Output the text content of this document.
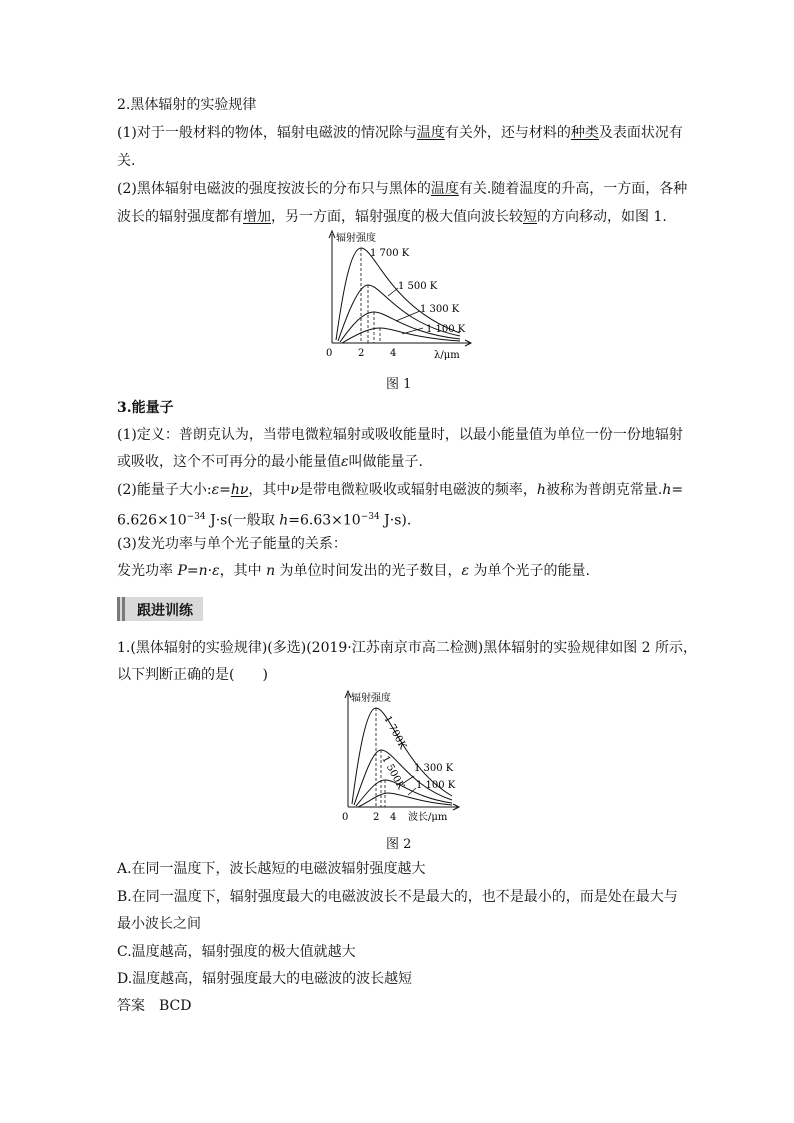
2.黑体辐射的实验规律
(1)对于一般材料的物体，辐射电磁波的情况除与温度有关外，还与材料的种类及表面状况有
关.
(2)黑体辐射电磁波的强度按波长的分布只与黑体的温度有关.随着温度的升高，一方面，各种
波长的辐射强度都有增加，另一方面，辐射强度的极大值向波长较短的方向移动，如图 1.
辐射强度
1 700 K
1 500 K
1 300 K
1 100 K
0	2	4	λ/μm
图 1
3.能量子
(1)定义：普朗克认为，当带电微粒辐射或吸收能量时，以最小能量值为单位一份一份地辐射
或吸收，这个不可再分的最小能量值ε叫做能量子.
(2)能量子大小:ε=hν，其中ν是带电微粒吸收或辐射电磁波的频率，h被称为普朗克常量.h=
$6.626\times 10^{-34}$ J·s(一般取 $h=6.63\times 10^{-34}$ J·s).
(3)发光功率与单个光子能量的关系：
发光功率 P=n·ε，其中 n 为单位时间发出的光子数目，ε 为单个光子的能量.
跟进训练
1.(黑体辐射的实验规律)(多选)(2019·江苏南京市高二检测)黑体辐射的实验规律如图 2 所示，
以下判断正确的是(　　)
辐射强度
1 700K
1 500K 1 300 K
1 100 K
0 2 4 波长/μm
图 2
A.在同一温度下，波长越短的电磁波辐射强度越大
B.在同一温度下，辐射强度最大的电磁波波长不是最大的，也不是最小的，而是处在最大与
最小波长之间
C.温度越高，辐射强度的极大值就越大
D.温度越高，辐射强度最大的电磁波的波长越短
答案　BCD
